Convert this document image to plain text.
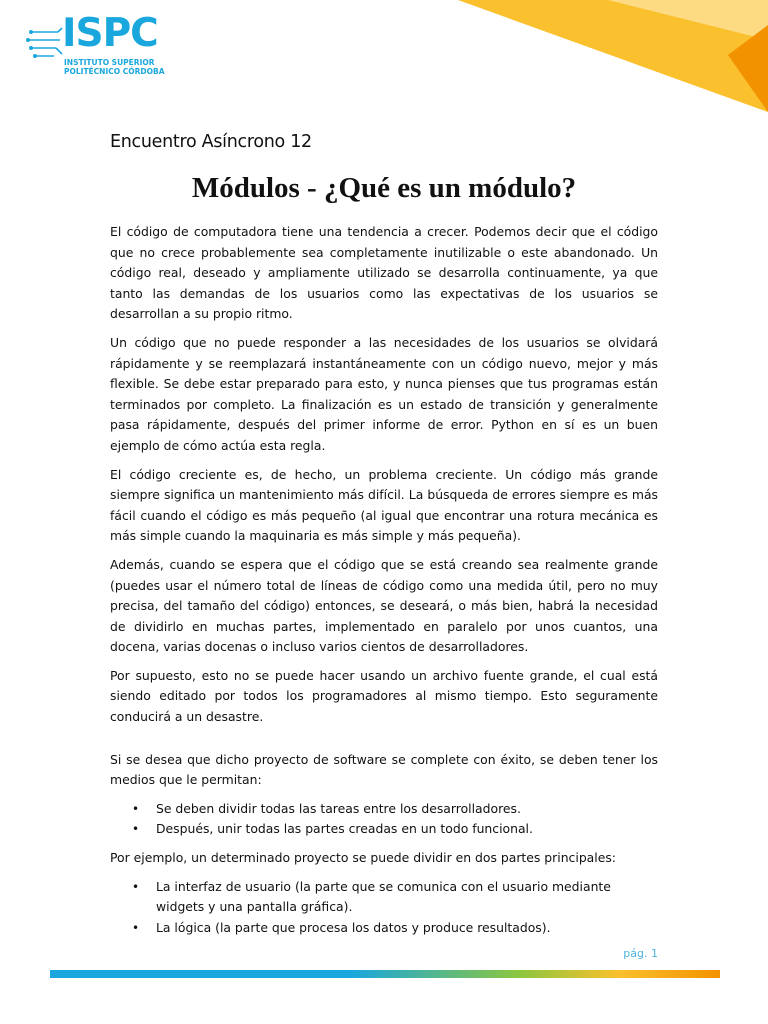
ISPC
INSTITUTO SUPERIOR
POLITÉCNICO CÓRDOBA
Encuentro Asíncrono 12
Módulos - ¿Qué es un módulo?

El código de computadora tiene una tendencia a crecer. Podemos decir que el código que no crece probablemente sea completamente inutilizable o este abandonado. Un código real, deseado y ampliamente utilizado se desarrolla continuamente, ya que tanto las demandas de los usuarios como las expectativas de los usuarios se desarrollan a su propio ritmo.

Un código que no puede responder a las necesidades de los usuarios se olvidará rápidamente y se reemplazará instantáneamente con un código nuevo, mejor y más flexible. Se debe estar preparado para esto, y nunca pienses que tus programas están terminados por completo. La finalización es un estado de transición y generalmente pasa rápidamente, después del primer informe de error. Python en sí es un buen ejemplo de cómo actúa esta regla.

El código creciente es, de hecho, un problema creciente. Un código más grande siempre significa un mantenimiento más difícil. La búsqueda de errores siempre es más fácil cuando el código es más pequeño (al igual que encontrar una rotura mecánica es más simple cuando la maquinaria es más simple y más pequeña).

Además, cuando se espera que el código que se está creando sea realmente grande (puedes usar el número total de líneas de código como una medida útil, pero no muy precisa, del tamaño del código) entonces, se deseará, o más bien, habrá la necesidad de dividirlo en muchas partes, implementado en paralelo por unos cuantos, una docena, varias docenas o incluso varios cientos de desarrolladores.

Por supuesto, esto no se puede hacer usando un archivo fuente grande, el cual está siendo editado por todos los programadores al mismo tiempo. Esto seguramente conducirá a un desastre.

Si se desea que dicho proyecto de software se complete con éxito, se deben tener los medios que le permitan:

• Se deben dividir todas las tareas entre los desarrolladores.
• Después, unir todas las partes creadas en un todo funcional.

Por ejemplo, un determinado proyecto se puede dividir en dos partes principales:

• La interfaz de usuario (la parte que se comunica con el usuario mediante widgets y una pantalla gráfica).
• La lógica (la parte que procesa los datos y produce resultados).
pág. 1
